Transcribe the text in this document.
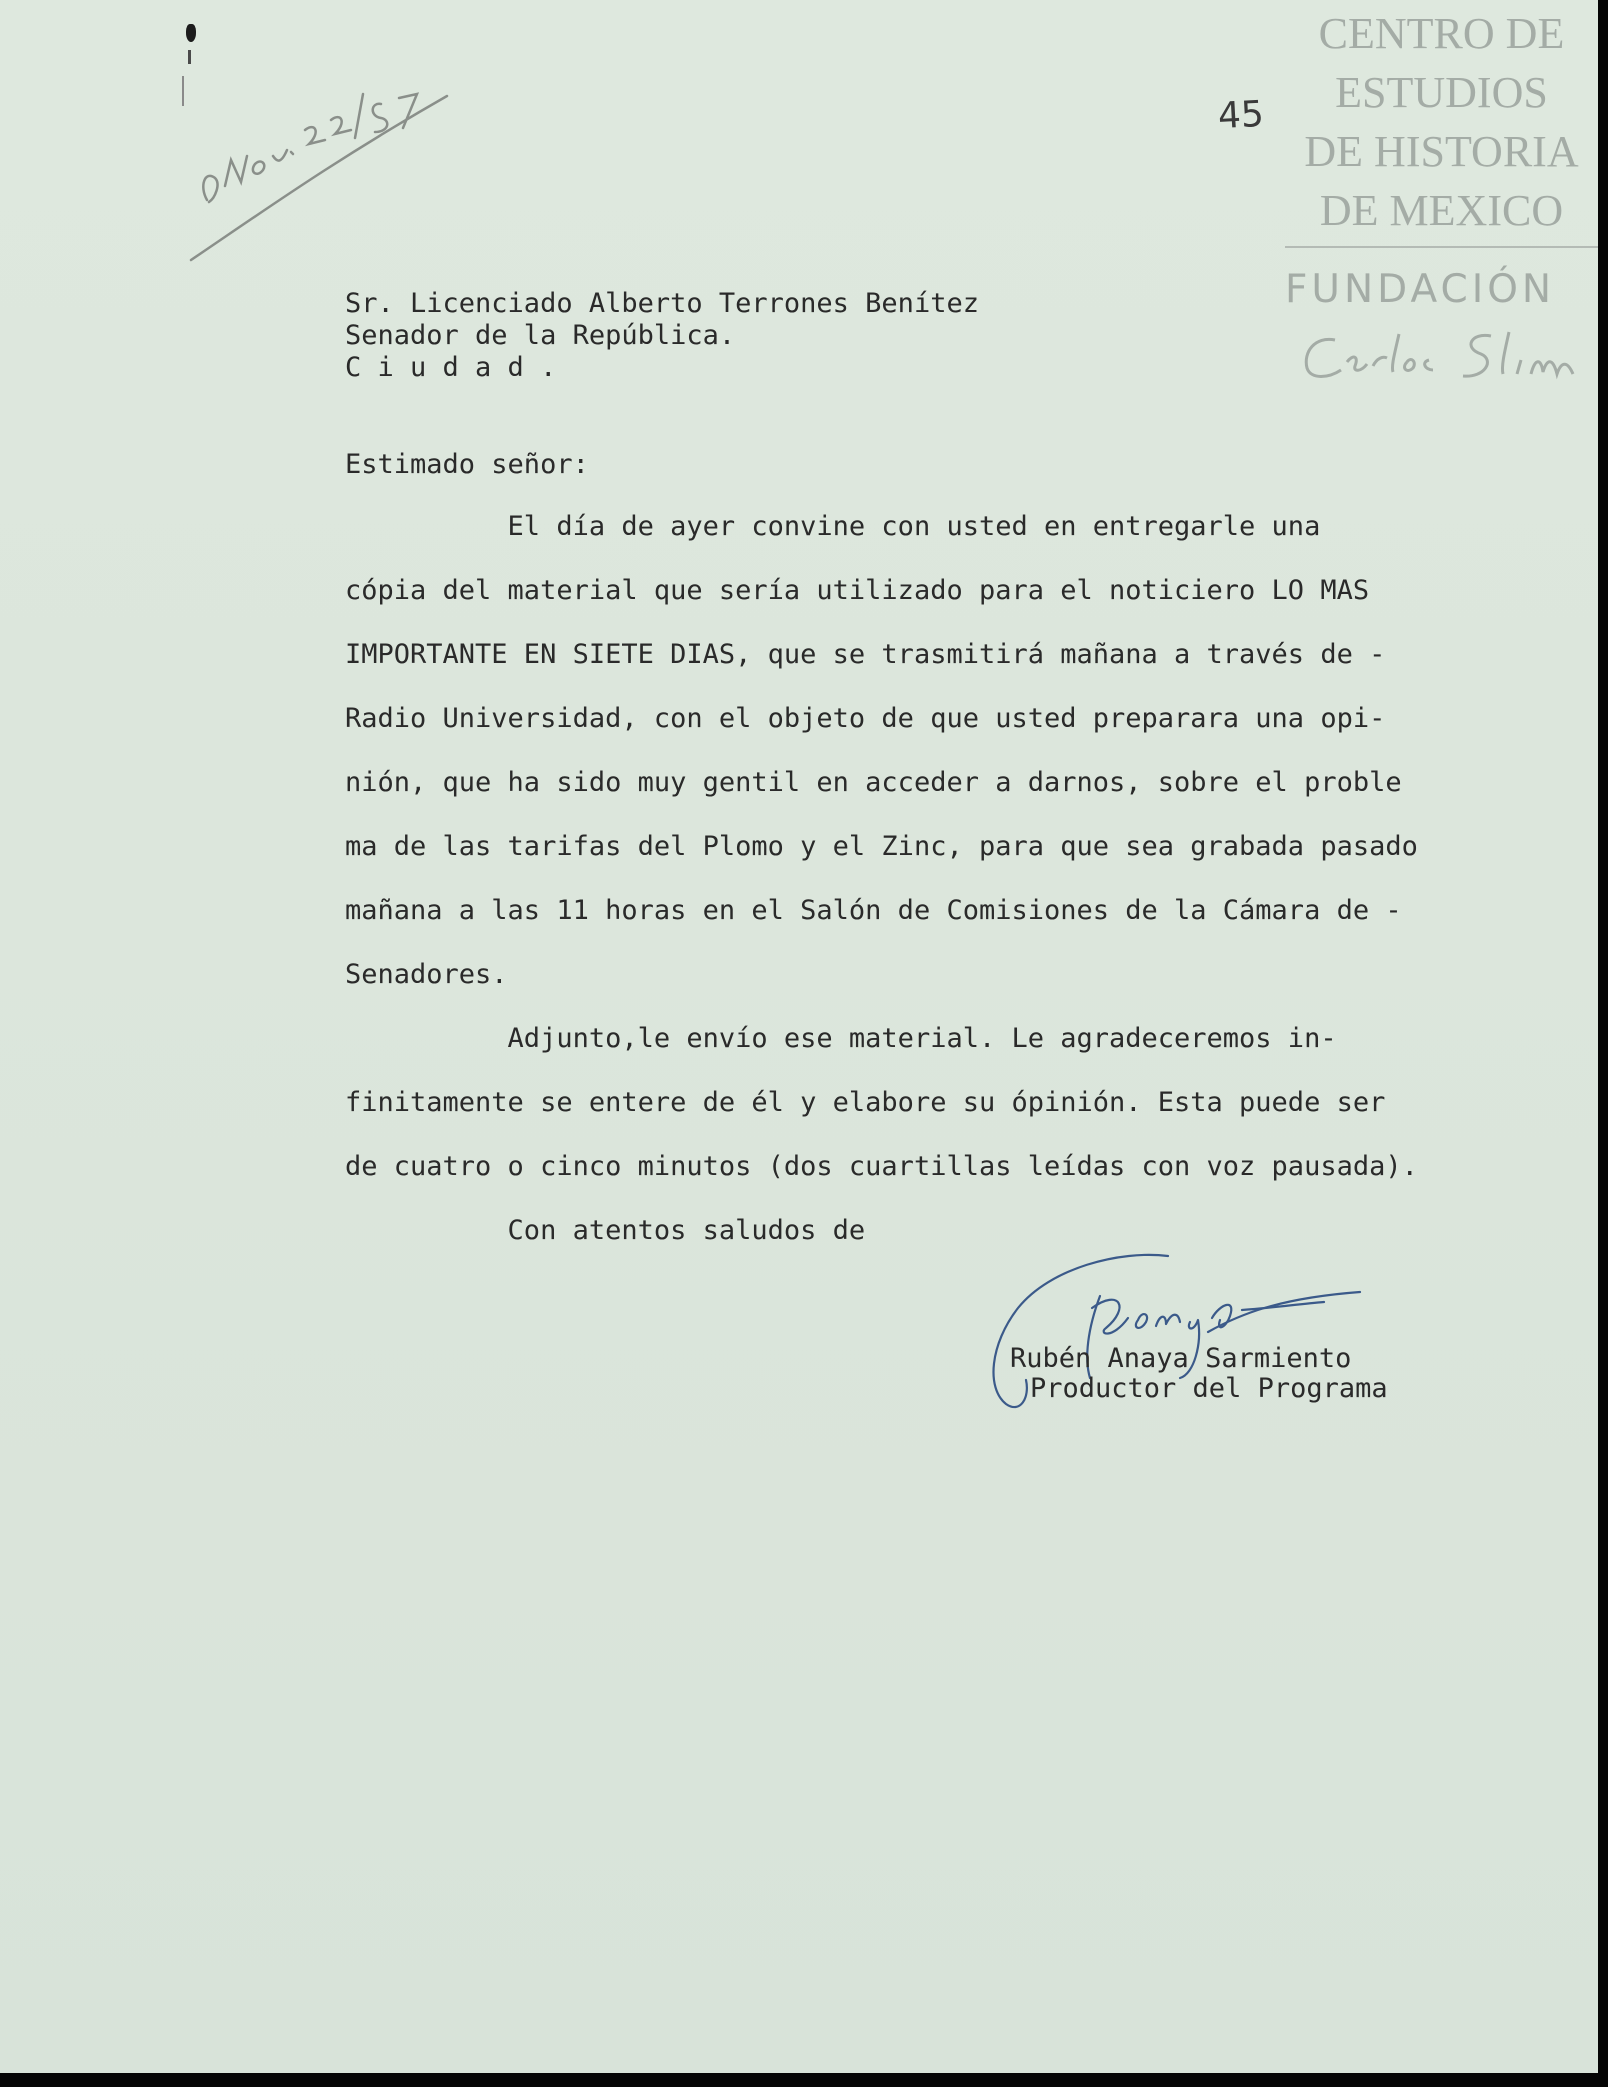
CENTRO DE
ESTUDIOS
DE HISTORIA
DE MEXICO
FUNDACIÓN
45

Sr. Licenciado Alberto Terrones Benítez

Senador de la República.

C i u d a d .

Estimado señor:

El día de ayer convine con usted en entregarle una

cópia del material que sería utilizado para el noticiero LO MAS

IMPORTANTE EN SIETE DIAS, que se trasmitirá mañana a través de -

Radio Universidad, con el objeto de que usted preparara una opi-

nión, que ha sido muy gentil en acceder a darnos, sobre el proble

ma de las tarifas del Plomo y el Zinc, para que sea grabada pasado

mañana a las 11 horas en el Salón de Comisiones de la Cámara de -

Senadores.

Adjunto,le envío ese material. Le agradeceremos in-

finitamente se entere de él y elabore su ópinión. Esta puede ser

de cuatro o cinco minutos (dos cuartillas leídas con voz pausada).

Con atentos saludos de

Rubén Anaya Sarmiento

Productor del Programa
